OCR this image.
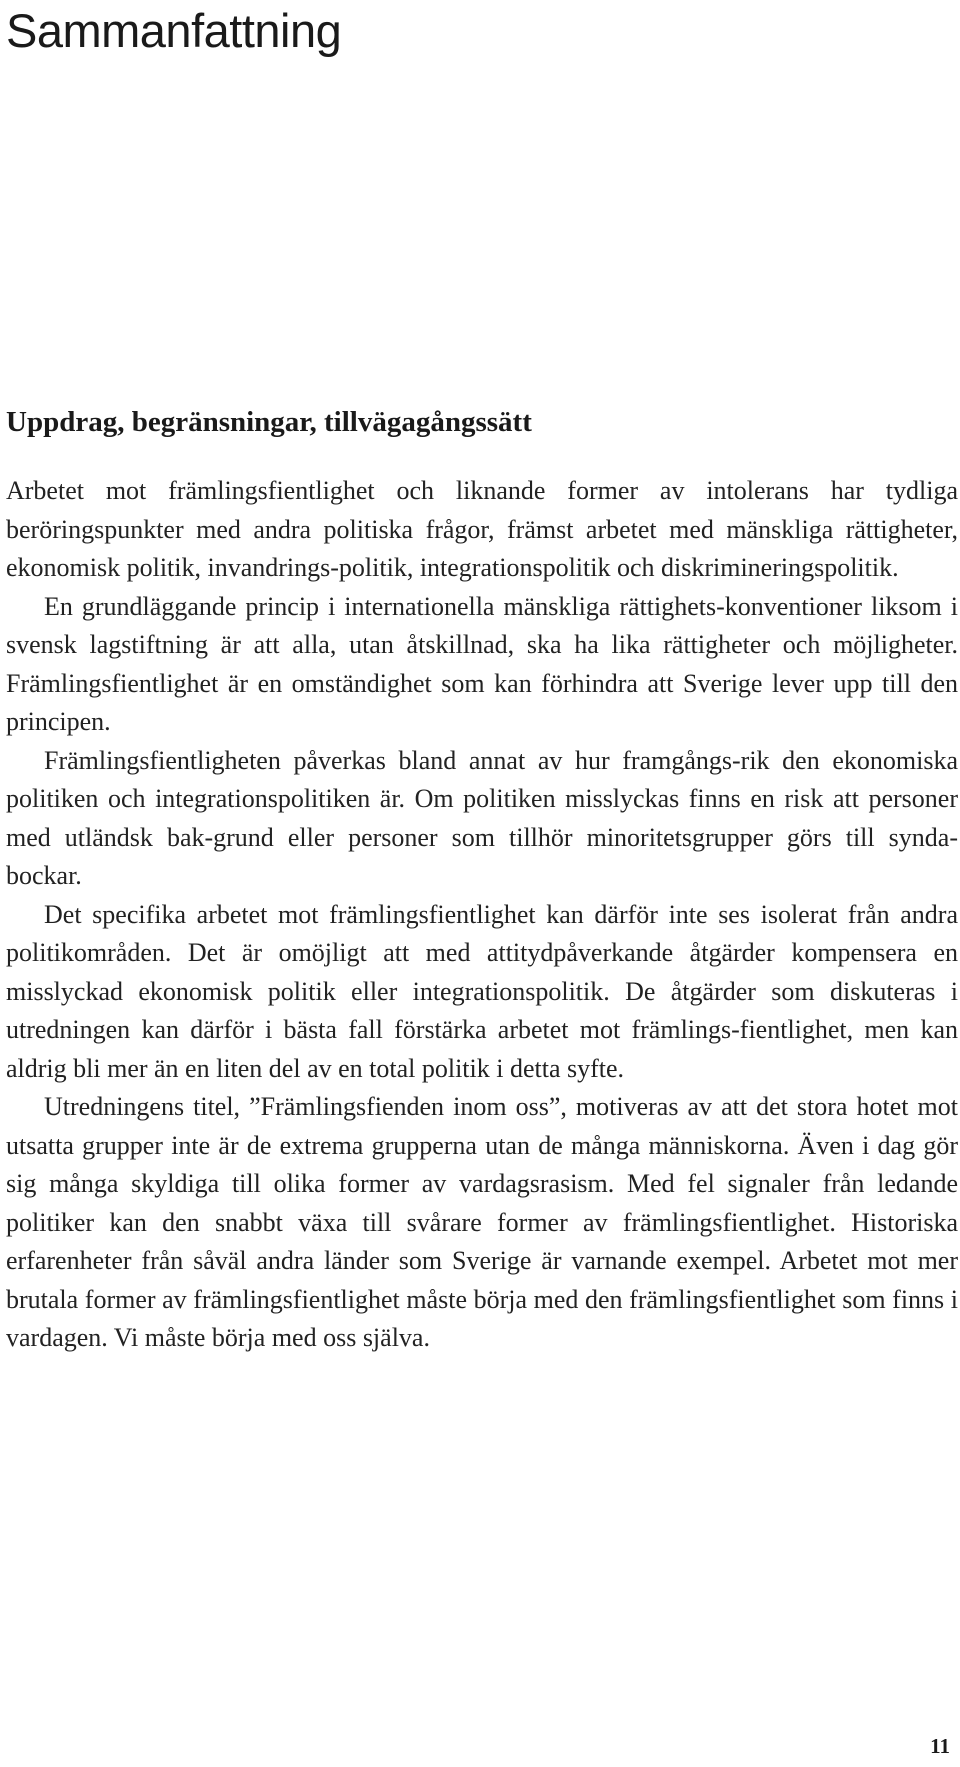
Sammanfattning
Uppdrag, begränsningar, tillvägagångssätt

Arbetet mot främlingsfientlighet och liknande former av intolerans har tydliga beröringspunkter med andra politiska frågor, främst arbetet med mänskliga rättigheter, ekonomisk politik, invandrings-politik, integrationspolitik och diskrimineringspolitik.

En grundläggande princip i internationella mänskliga rättighets-konventioner liksom i svensk lagstiftning är att alla, utan åtskillnad, ska ha lika rättigheter och möjligheter. Främlingsfientlighet är en omständighet som kan förhindra att Sverige lever upp till den principen.

Främlingsfientligheten påverkas bland annat av hur framgångs-rik den ekonomiska politiken och integrationspolitiken är. Om politiken misslyckas finns en risk att personer med utländsk bak-grund eller personer som tillhör minoritetsgrupper görs till synda-bockar.

Det specifika arbetet mot främlingsfientlighet kan därför inte ses isolerat från andra politikområden. Det är omöjligt att med attitydpåverkande åtgärder kompensera en misslyckad ekonomisk politik eller integrationspolitik. De åtgärder som diskuteras i utredningen kan därför i bästa fall förstärka arbetet mot främlings-fientlighet, men kan aldrig bli mer än en liten del av en total politik i detta syfte.

Utredningens titel, ”Främlingsfienden inom oss”, motiveras av att det stora hotet mot utsatta grupper inte är de extrema grupperna utan de många människorna. Även i dag gör sig många skyldiga till olika former av vardagsrasism. Med fel signaler från ledande politiker kan den snabbt växa till svårare former av främlingsfientlighet. Historiska erfarenheter från såväl andra länder som Sverige är varnande exempel. Arbetet mot mer brutala former av främlingsfientlighet måste börja med den främlingsfientlighet som finns i vardagen. Vi måste börja med oss själva.

11
